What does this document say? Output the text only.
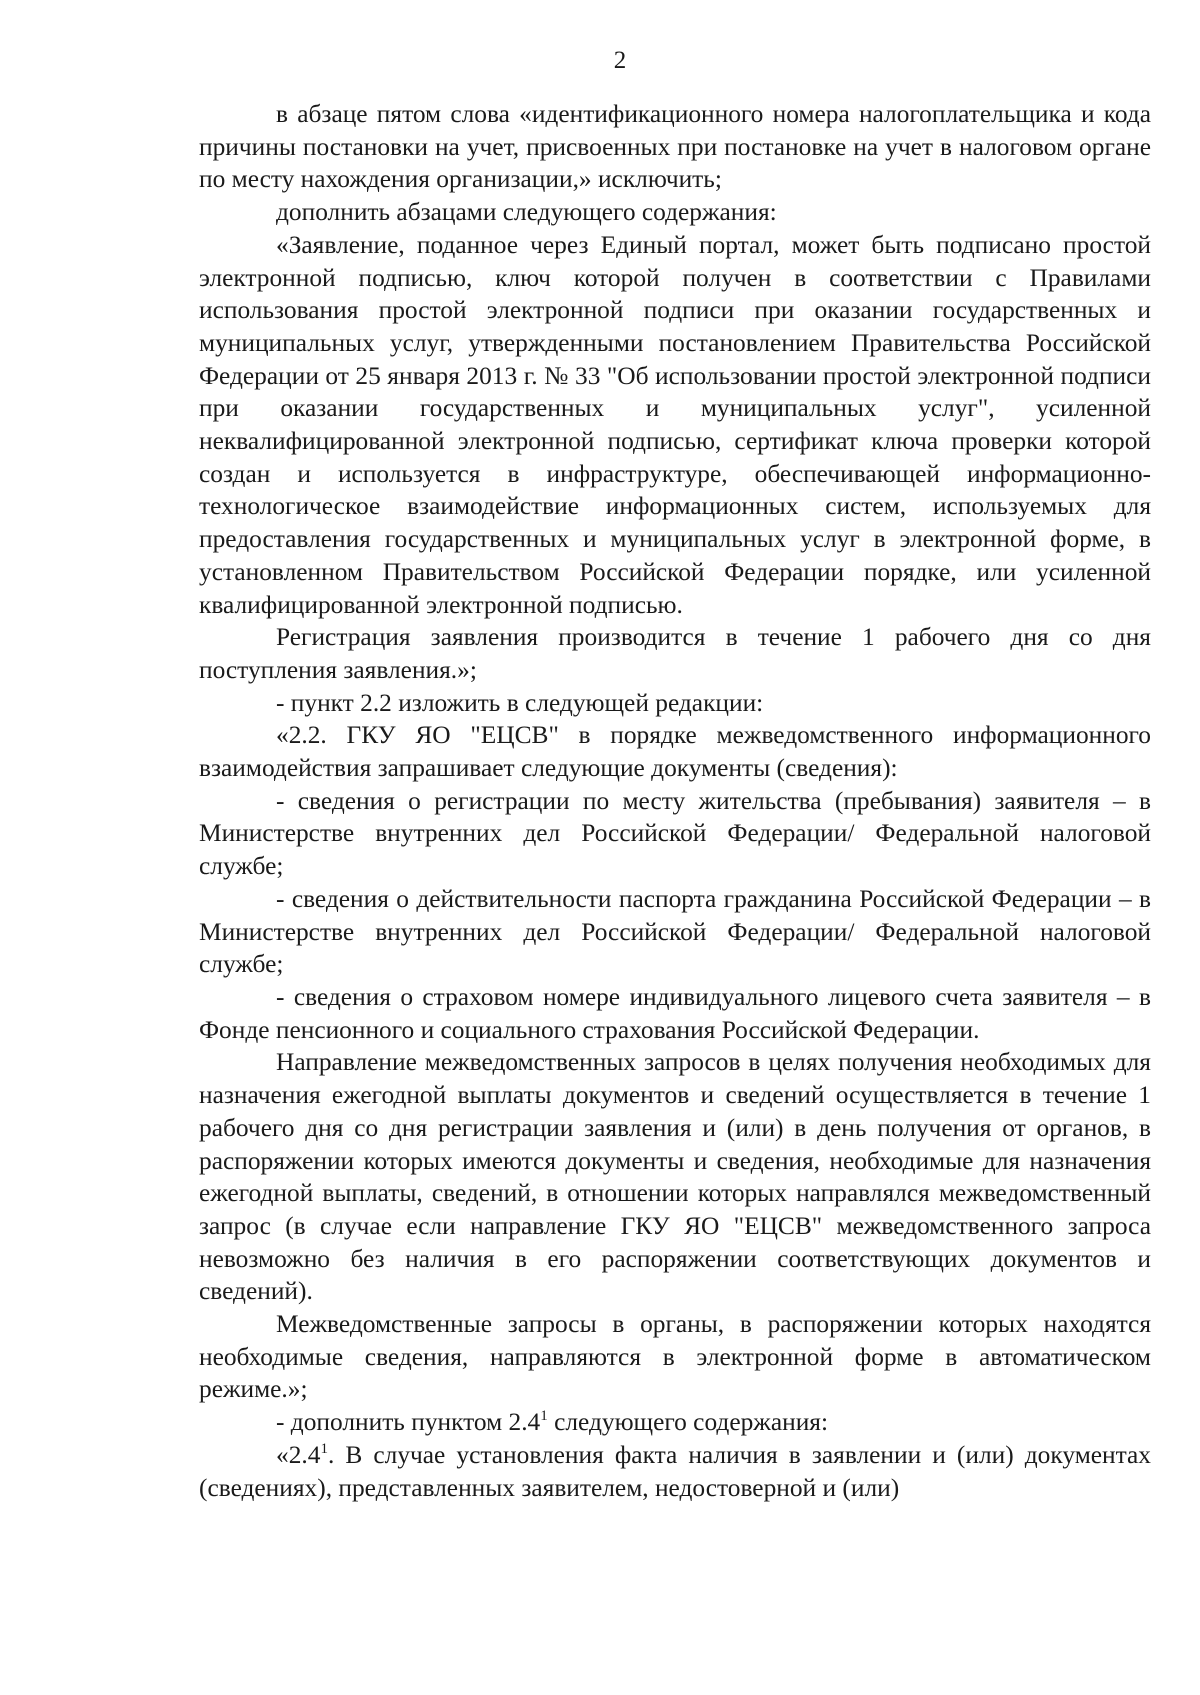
2

в абзаце пятом слова «идентификационного номера налогоплательщика и кода причины постановки на учет, присвоенных при постановке на учет в налоговом органе по месту нахождения организации,» исключить;

дополнить абзацами следующего содержания:

«Заявление, поданное через Единый портал, может быть подписано простой электронной подписью, ключ которой получен в соответствии с Правилами использования простой электронной подписи при оказании государственных и муниципальных услуг, утвержденными постановлением Правительства Российской Федерации от 25 января 2013 г. № 33 "Об использовании простой электронной подписи при оказании государственных и муниципальных услуг", усиленной неквалифицированной электронной подписью, сертификат ключа проверки которой создан и используется в инфраструктуре, обеспечивающей информационно-технологическое взаимодействие информационных систем, используемых для предоставления государственных и муниципальных услуг в электронной форме, в установленном Правительством Российской Федерации порядке, или усиленной квалифицированной электронной подписью.

Регистрация заявления производится в течение 1 рабочего дня со дня поступления заявления.»;

- пункт 2.2 изложить в следующей редакции:

«2.2. ГКУ ЯО "ЕЦСВ" в порядке межведомственного информационного взаимодействия запрашивает следующие документы (сведения):

- сведения о регистрации по месту жительства (пребывания) заявителя – в Министерстве внутренних дел Российской Федерации/ Федеральной налоговой службе;

- сведения о действительности паспорта гражданина Российской Федерации – в Министерстве внутренних дел Российской Федерации/ Федеральной налоговой службе;

- сведения о страховом номере индивидуального лицевого счета заявителя – в Фонде пенсионного и социального страхования Российской Федерации.

Направление межведомственных запросов в целях получения необходимых для назначения ежегодной выплаты документов и сведений осуществляется в течение 1 рабочего дня со дня регистрации заявления и (или) в день получения от органов, в распоряжении которых имеются документы и сведения, необходимые для назначения ежегодной выплаты, сведений, в отношении которых направлялся межведомственный запрос (в случае если направление ГКУ ЯО "ЕЦСВ" межведомственного запроса невозможно без наличия в его распоряжении соответствующих документов и сведений).

Межведомственные запросы в органы, в распоряжении которых находятся необходимые сведения, направляются в электронной форме в автоматическом режиме.»;

- дополнить пунктом $2.4^1$ следующего содержания:

«$2.4^1$. В случае установления факта наличия в заявлении и (или) документах (сведениях), представленных заявителем, недостоверной и (или)
